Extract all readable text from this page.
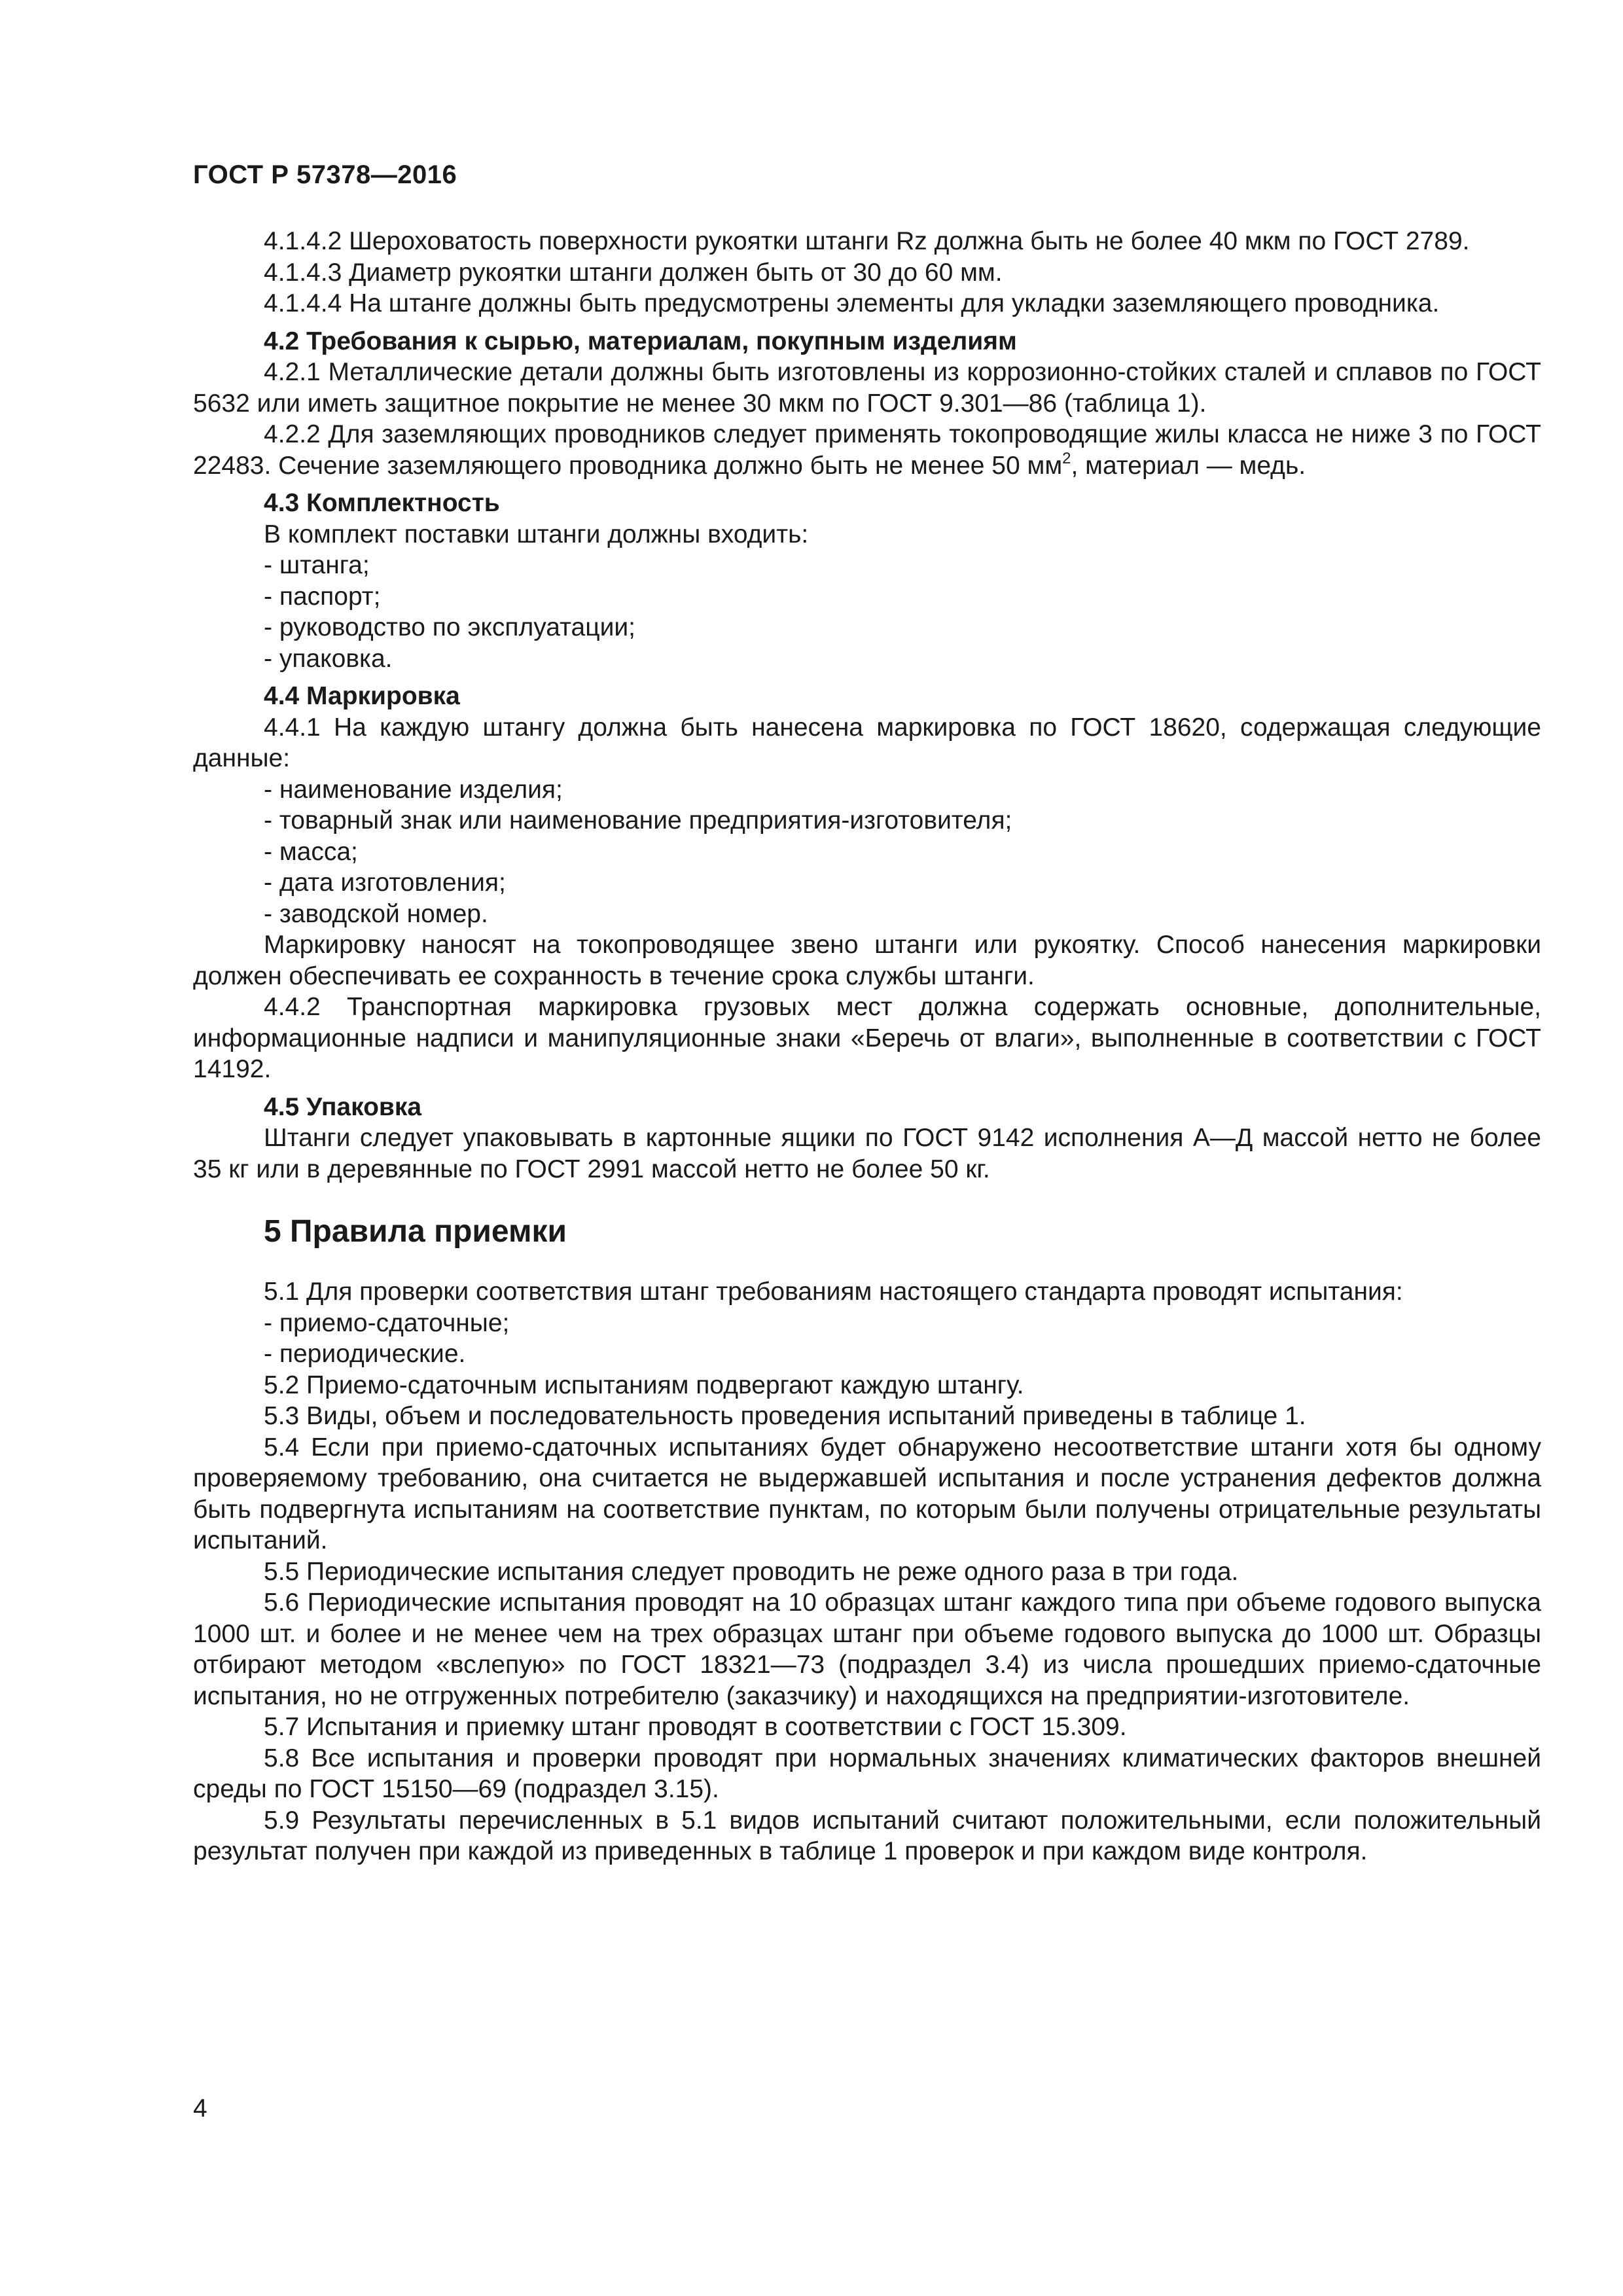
ГОСТ Р 57378—2016

4.1.4.2 Шероховатость поверхности рукоятки штанги Rz должна быть не более 40 мкм по ГОСТ 2789.

4.1.4.3 Диаметр рукоятки штанги должен быть от 30 до 60 мм.

4.1.4.4 На штанге должны быть предусмотрены элементы для укладки заземляющего проводника.

4.2 Требования к сырью, материалам, покупным изделиям

4.2.1 Металлические детали должны быть изготовлены из коррозионно-стойких сталей и сплавов по ГОСТ 5632 или иметь защитное покрытие не менее 30 мкм по ГОСТ 9.301—86 (таблица 1).

4.2.2 Для заземляющих проводников следует применять токопроводящие жилы класса не ниже 3 по ГОСТ 22483. Сечение заземляющего проводника должно быть не менее 50 $мм^2$, материал — медь.

4.3 Комплектность

В комплект поставки штанги должны входить:

- штанга;

- паспорт;

- руководство по эксплуатации;

- упаковка.

4.4 Маркировка

4.4.1 На каждую штангу должна быть нанесена маркировка по ГОСТ 18620, содержащая следующие данные:

- наименование изделия;

- товарный знак или наименование предприятия-изготовителя;

- масса;

- дата изготовления;

- заводской номер.

Маркировку наносят на токопроводящее звено штанги или рукоятку. Способ нанесения маркировки должен обеспечивать ее сохранность в течение срока службы штанги.

4.4.2 Транспортная маркировка грузовых мест должна содержать основные, дополнительные, информационные надписи и манипуляционные знаки «Беречь от влаги», выполненные в соответствии с ГОСТ 14192.

4.5 Упаковка

Штанги следует упаковывать в картонные ящики по ГОСТ 9142 исполнения А—Д массой нетто не более 35 кг или в деревянные по ГОСТ 2991 массой нетто не более 50 кг.

5 Правила приемки

5.1 Для проверки соответствия штанг требованиям настоящего стандарта проводят испытания:

- приемо-сдаточные;

- периодические.

5.2 Приемо-сдаточным испытаниям подвергают каждую штангу.

5.3 Виды, объем и последовательность проведения испытаний приведены в таблице 1.

5.4 Если при приемо-сдаточных испытаниях будет обнаружено несоответствие штанги хотя бы одному проверяемому требованию, она считается не выдержавшей испытания и после устранения дефектов должна быть подвергнута испытаниям на соответствие пунктам, по которым были получены отрицательные результаты испытаний.

5.5 Периодические испытания следует проводить не реже одного раза в три года.

5.6 Периодические испытания проводят на 10 образцах штанг каждого типа при объеме годового выпуска 1000 шт. и более и не менее чем на трех образцах штанг при объеме годового выпуска до 1000 шт. Образцы отбирают методом «вслепую» по ГОСТ 18321—73 (подраздел 3.4) из числа прошедших приемо-сдаточные испытания, но не отгруженных потребителю (заказчику) и находящихся на предприятии-изготовителе.

5.7 Испытания и приемку штанг проводят в соответствии с ГОСТ 15.309.

5.8 Все испытания и проверки проводят при нормальных значениях климатических факторов внешней среды по ГОСТ 15150—69 (подраздел 3.15).

5.9 Результаты перечисленных в 5.1 видов испытаний считают положительными, если положительный результат получен при каждой из приведенных в таблице 1 проверок и при каждом виде контроля.

4
